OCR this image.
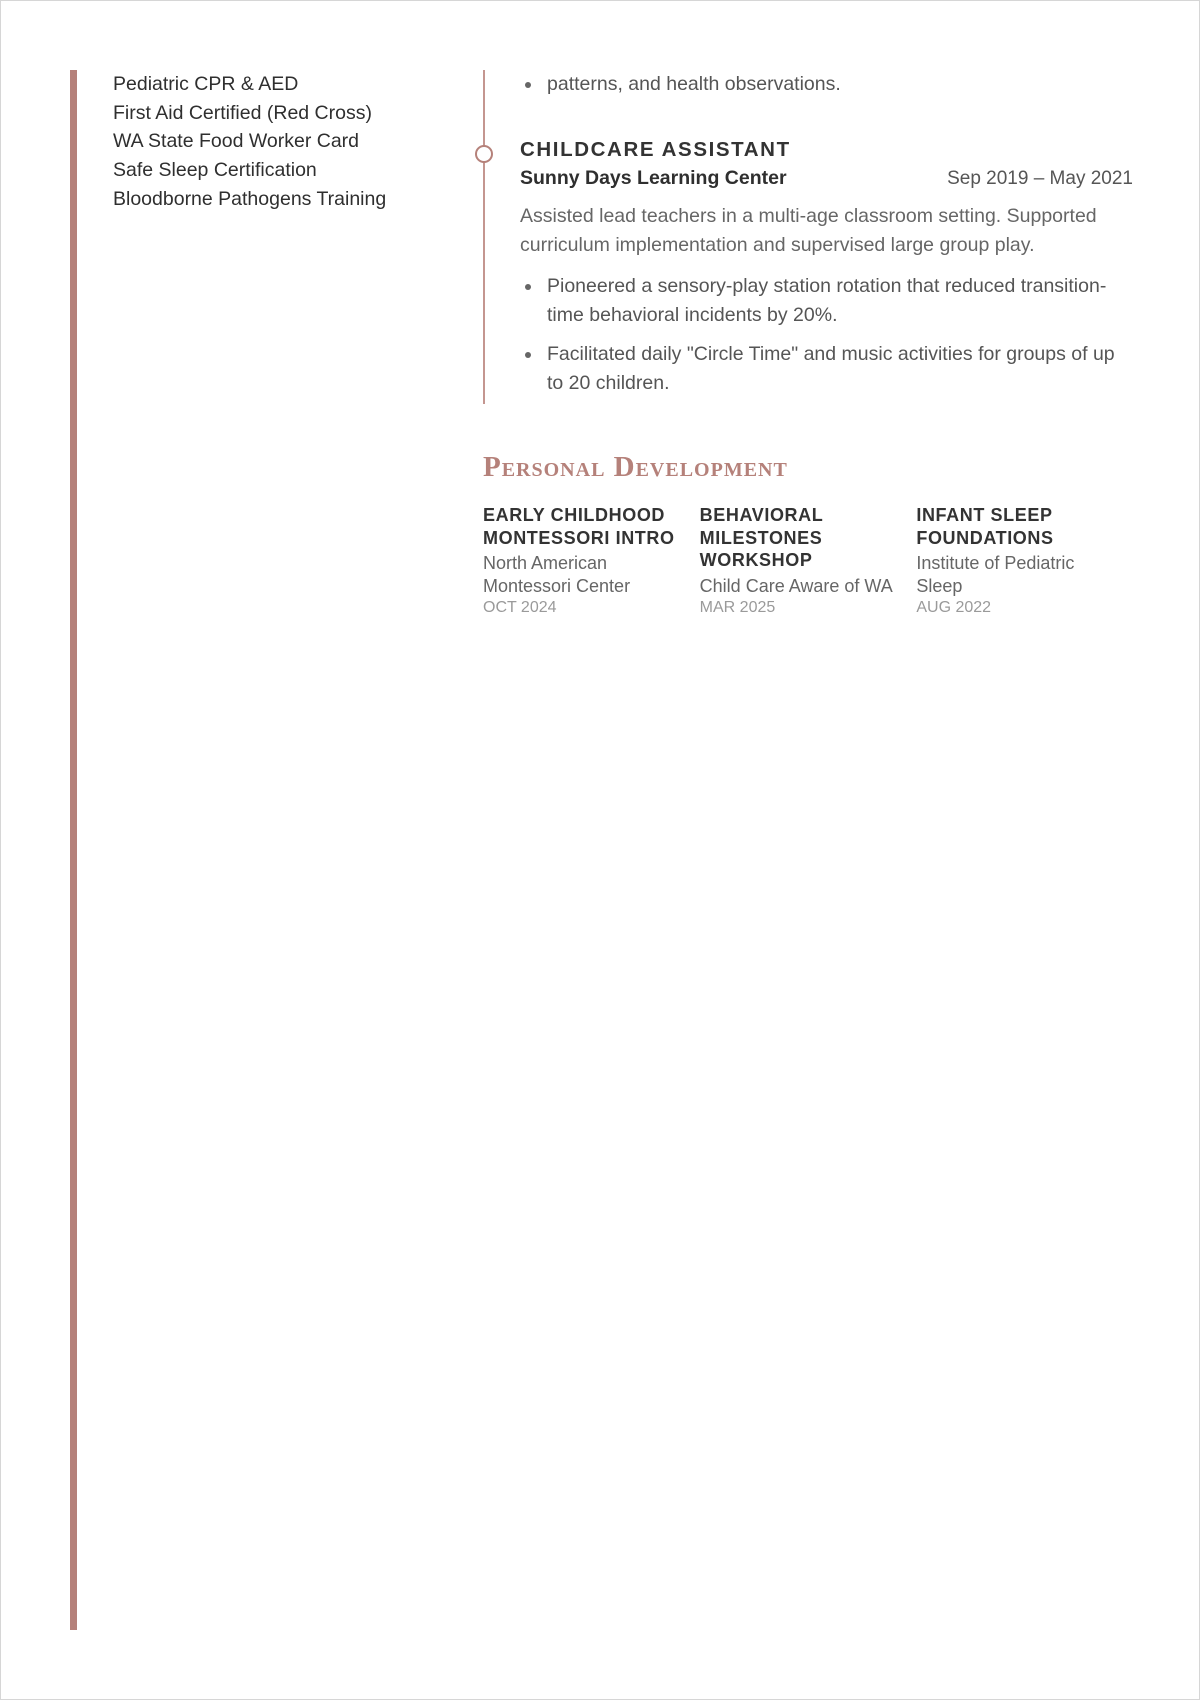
Pediatric CPR & AED
First Aid Certified (Red Cross)
WA State Food Worker Card
Safe Sleep Certification
Bloodborne Pathogens Training
patterns, and health observations.
CHILDCARE ASSISTANT
Sunny Days Learning Center	Sep 2019 – May 2021

Assisted lead teachers in a multi-age classroom setting. Supported curriculum implementation and supervised large group play.

Pioneered a sensory-play station rotation that reduced transition-time behavioral incidents by 20%.
Facilitated daily "Circle Time" and music activities for groups of up to 20 children.
Personal Development
EARLY CHILDHOOD MONTESSORI INTRO
North American Montessori Center
OCT 2024
BEHAVIORAL MILESTONES WORKSHOP
Child Care Aware of WA
MAR 2025
INFANT SLEEP FOUNDATIONS
Institute of Pediatric Sleep
AUG 2022
